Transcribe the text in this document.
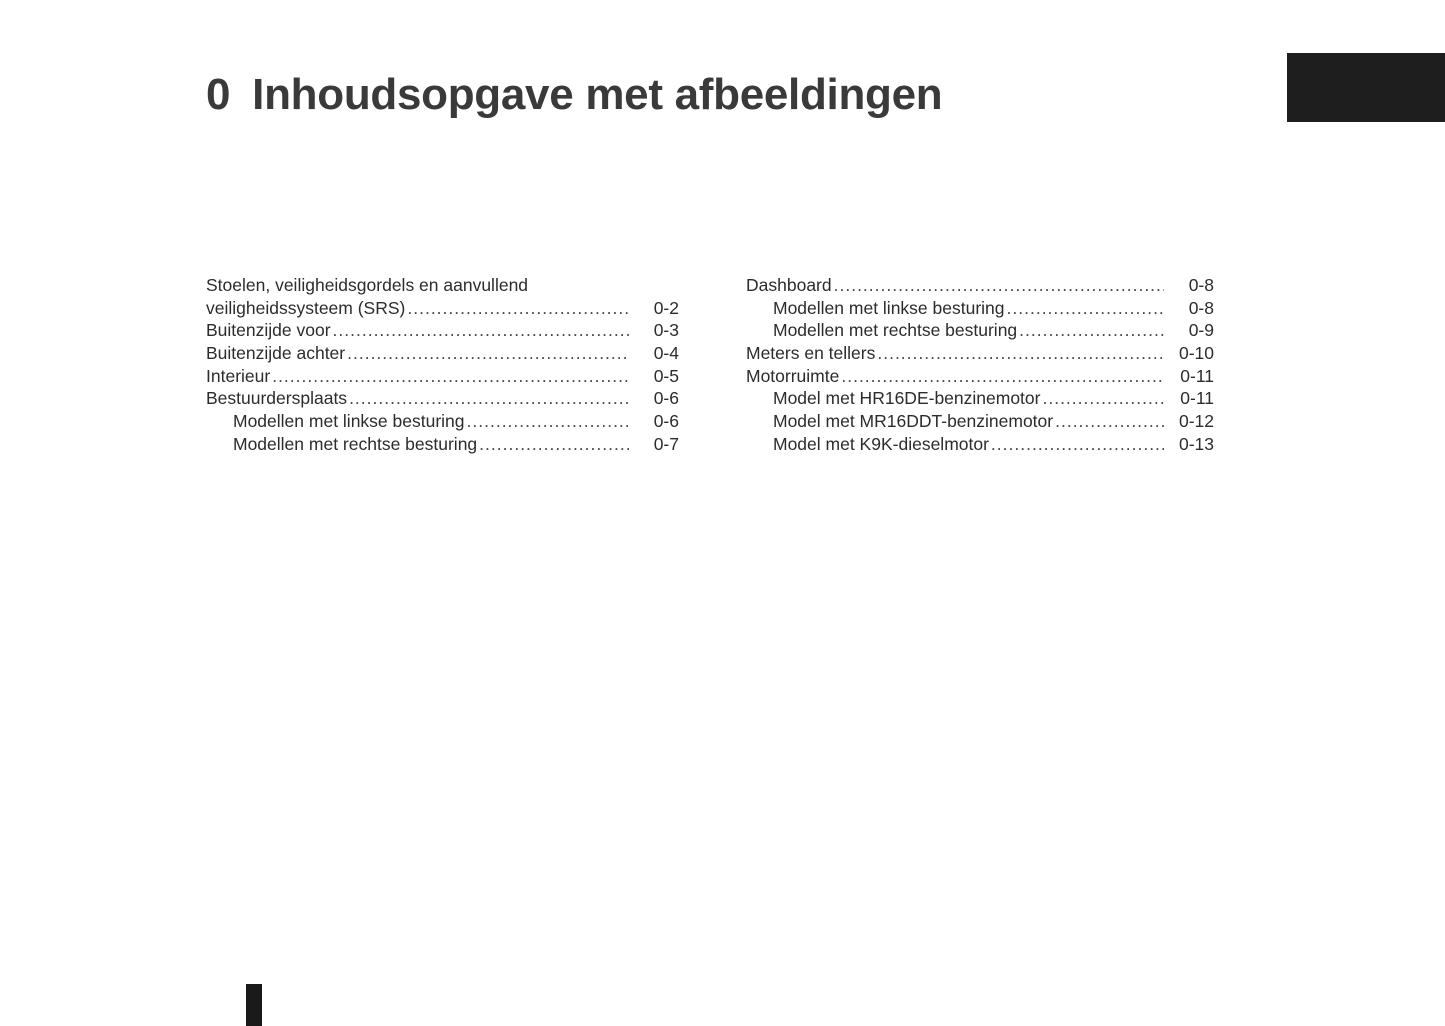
0 Inhoudsopgave met afbeeldingen
Stoelen, veiligheidsgordels en aanvullend
veiligheidssysteem (SRS) .....	0-2
Buitenzijde voor .....	0-3
Buitenzijde achter .....	0-4
Interieur .....	0-5
Bestuurdersplaats .....	0-6
Modellen met linkse besturing .....	0-6
Modellen met rechtse besturing .....	0-7
Dashboard .....	0-8
Modellen met linkse besturing .....	0-8
Modellen met rechtse besturing .....	0-9
Meters en tellers .....	0-10
Motorruimte .....	0-11
Model met HR16DE-benzinemotor .....	0-11
Model met MR16DDT-benzinemotor .....	0-12
Model met K9K-dieselmotor .....	0-13
